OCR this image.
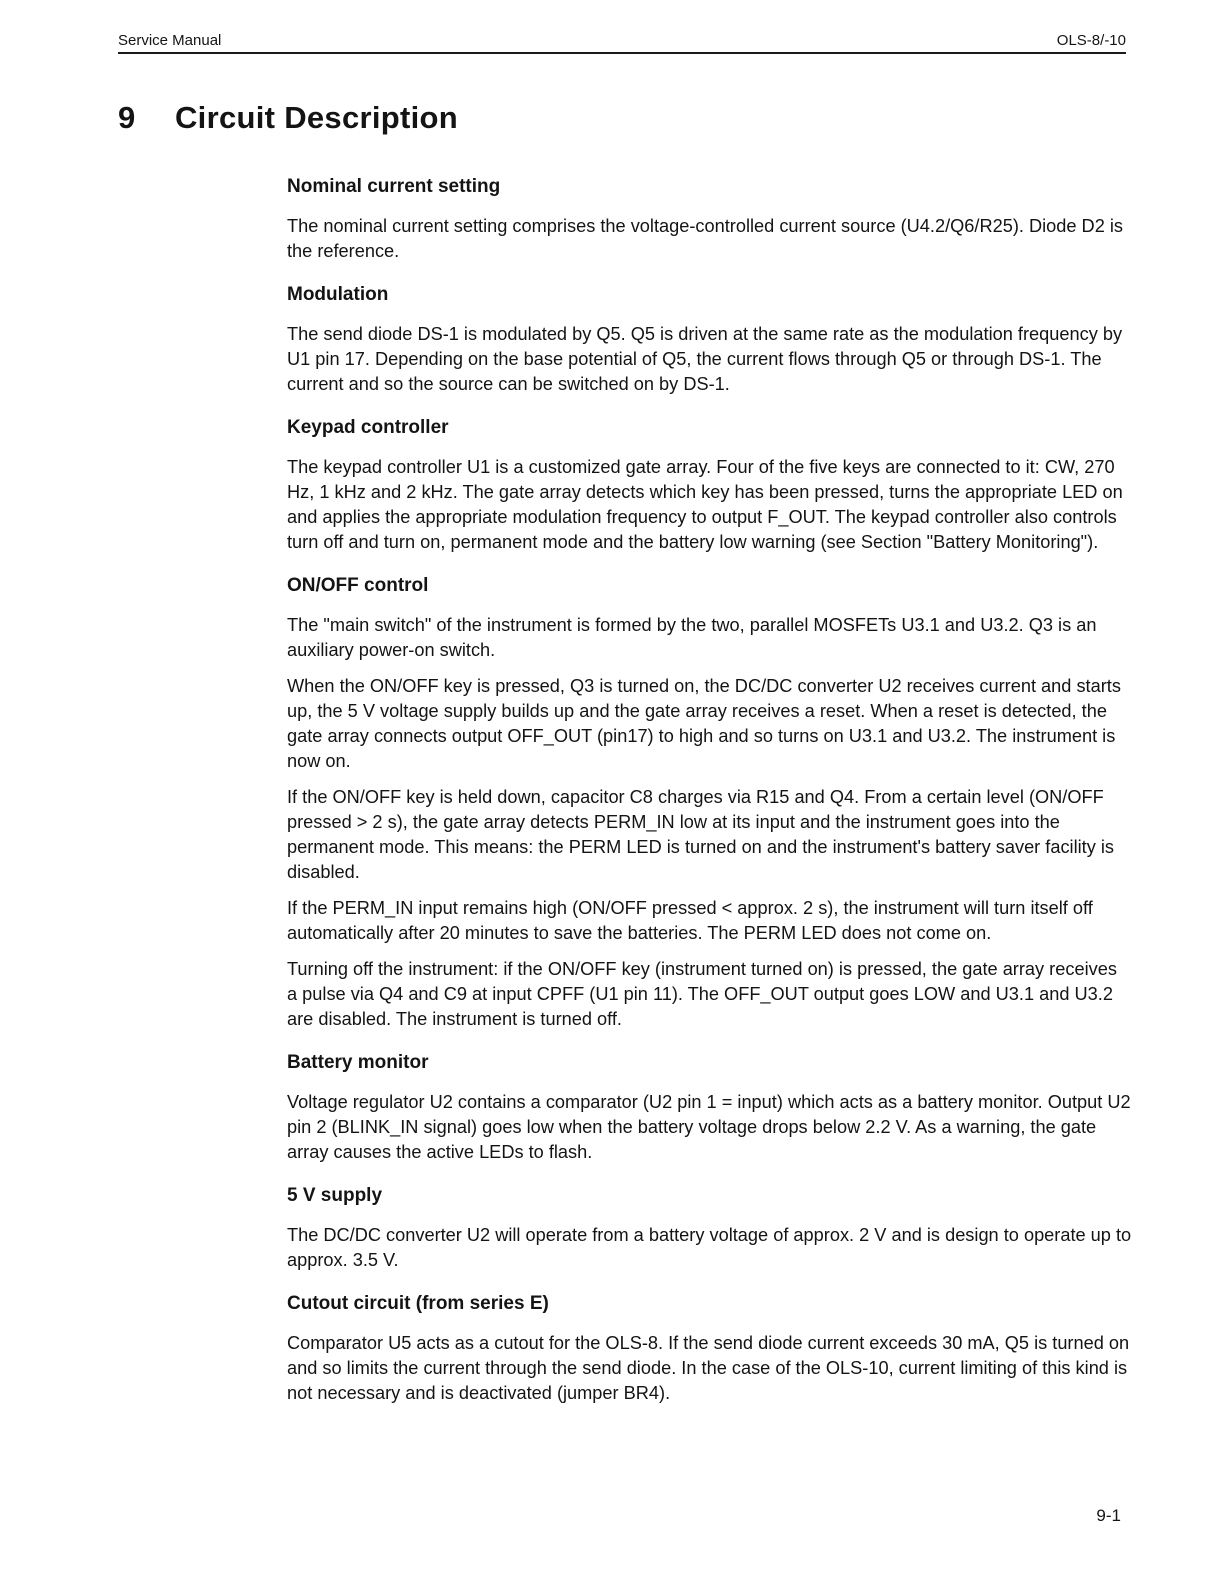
Service Manual	OLS-8/-10
9 Circuit Description
Nominal current setting

The nominal current setting comprises the voltage-controlled current source (U4.2/Q6/R25). Diode D2 is the reference.

Modulation

The send diode DS-1 is modulated by Q5. Q5 is driven at the same rate as the modulation frequency by U1 pin 17. Depending on the base potential of Q5, the current flows through Q5 or through DS-1. The current and so the source can be switched on by DS-1.

Keypad controller

The keypad controller U1 is a customized gate array. Four of the five keys are connected to it: CW, 270 Hz, 1 kHz and 2 kHz. The gate array detects which key has been pressed, turns the appropriate LED on and applies the appropriate modulation frequency to output F_OUT. The keypad controller also controls turn off and turn on, permanent mode and the battery low warning (see Section "Battery Monitoring").

ON/OFF control

The "main switch" of the instrument is formed by the two, parallel MOSFETs U3.1 and U3.2. Q3 is an auxiliary power-on switch.

When the ON/OFF key is pressed, Q3 is turned on, the DC/DC converter U2 receives current and starts up, the 5 V voltage supply builds up and the gate array receives a reset. When a reset is detected, the gate array connects output OFF_OUT (pin17) to high and so turns on U3.1 and U3.2. The instrument is now on.

If the ON/OFF key is held down, capacitor C8 charges via R15 and Q4. From a certain level (ON/OFF pressed > 2 s), the gate array detects PERM_IN low at its input and the instrument goes into the permanent mode. This means: the PERM LED is turned on and the instrument's battery saver facility is disabled.

If the PERM_IN input remains high (ON/OFF pressed < approx. 2 s), the instrument will turn itself off automatically after 20 minutes to save the batteries. The PERM LED does not come on.

Turning off the instrument: if the ON/OFF key (instrument turned on) is pressed, the gate array receives a pulse via Q4 and C9 at input CPFF (U1 pin 11). The OFF_OUT output goes LOW and U3.1 and U3.2 are disabled. The instrument is turned off.

Battery monitor

Voltage regulator U2 contains a comparator (U2 pin 1 = input) which acts as a battery monitor. Output U2 pin 2 (BLINK_IN signal) goes low when the battery voltage drops below 2.2 V. As a warning, the gate array causes the active LEDs to flash.

5 V supply

The DC/DC converter U2 will operate from a battery voltage of approx. 2 V and is design to operate up to approx. 3.5 V.

Cutout circuit (from series E)

Comparator U5 acts as a cutout for the OLS-8. If the send diode current exceeds 30 mA, Q5 is turned on and so limits the current through the send diode. In the case of the OLS-10, current limiting of this kind is not necessary and is deactivated (jumper BR4).

9-1
